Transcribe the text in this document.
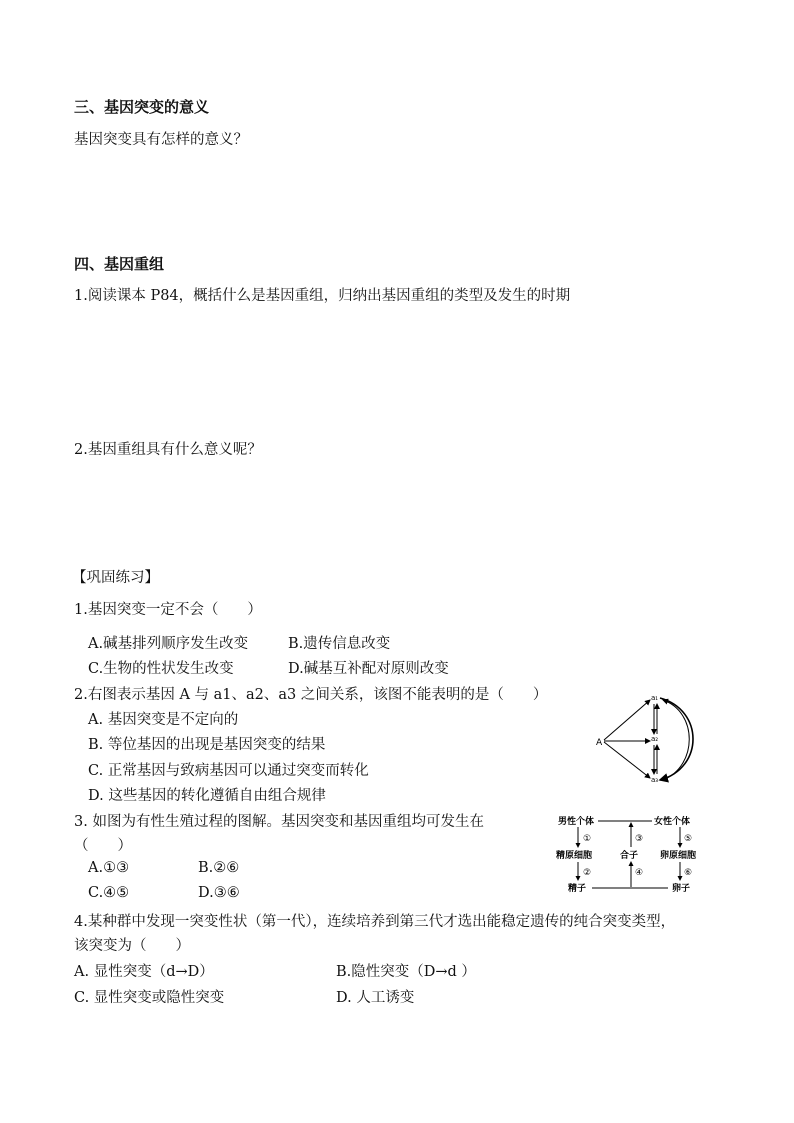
三、基因突变的意义
基因突变具有怎样的意义？
四、基因重组
1.阅读课本 P84，概括什么是基因重组，归纳出基因重组的类型及发生的时期
2.基因重组具有什么意义呢？
【巩固练习】
1.基因突变一定不会（　　）
A.碱基排列顺序发生改变	B.遗传信息改变
C.生物的性状发生改变	D.碱基互补配对原则改变
2.右图表示基因 A 与 a1、a2、a3 之间关系，该图不能表明的是（　　）
A. 基因突变是不定向的
B. 等位基因的出现是基因突变的结果
C. 正常基因与致病基因可以通过突变而转化
D. 这些基因的转化遵循自由组合规律
A
a₁
a₂
a₃
3. 如图为有性生殖过程的图解。基因突变和基因重组均可发生在
（　　）
A.①③	B.②⑥
C.④⑤	D.③⑥
男性个体	女性个体
精原细胞	合子 卵原细胞
精子	卵子
①
②
③
④
⑤
⑥
4.某种群中发现一突变性状（第一代），连续培养到第三代才选出能稳定遗传的纯合突变类型，
该突变为（　　）
A. 显性突变（d→D）	B.隐性突变（D→d ）
C. 显性突变或隐性突变	D. 人工诱变
